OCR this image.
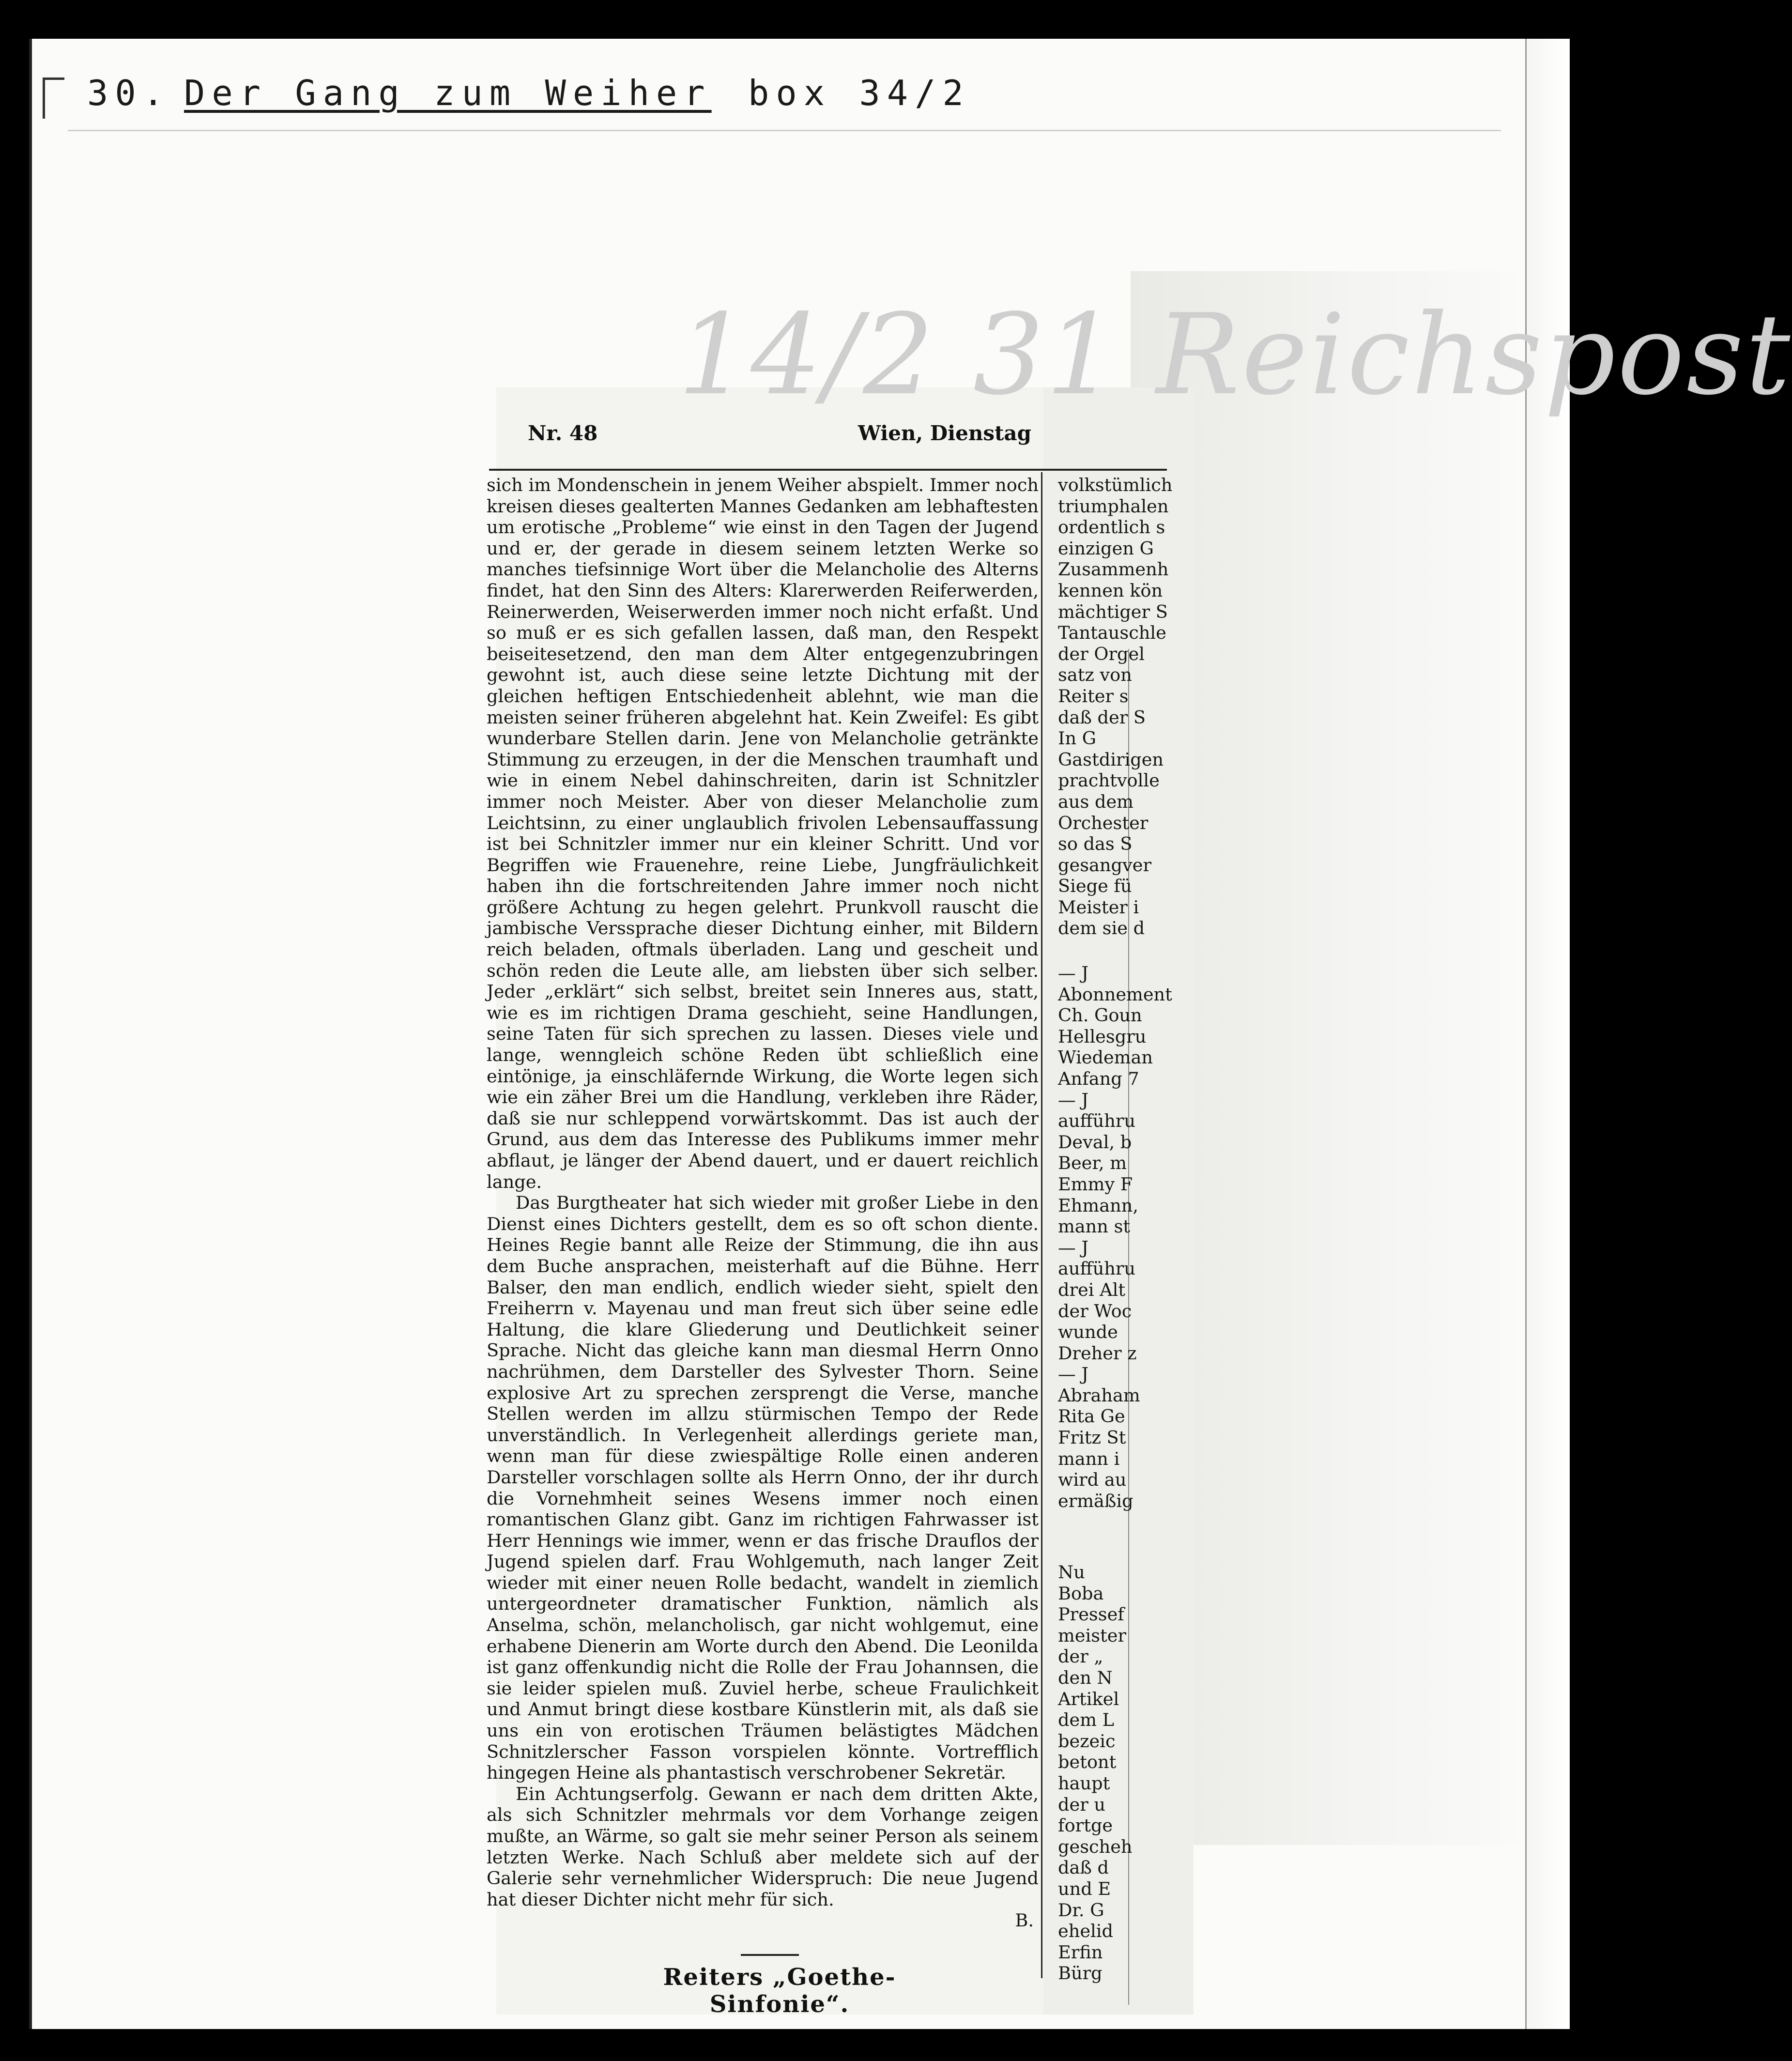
30. Der Gang zum Weiher box 34/2
14/2 31 Reichspost
Nr. 48	Wien, Dienstag

sich im Mondenschein in jenem Weiher abspielt. Immer noch kreisen dieses gealterten Mannes Gedanken am lebhaftesten um erotische „Probleme“ wie einst in den Tagen der Jugend und er, der gerade in diesem seinem letzten Werke so manches tiefsinnige Wort über die Melancholie des Alterns findet, hat den Sinn des Alters: Klarerwerden Reiferwerden, Reinerwerden, Weiserwerden immer noch nicht erfaßt. Und so muß er es sich gefallen lassen, daß man, den Respekt beiseitesetzend, den man dem Alter entgegenzubringen gewohnt ist, auch diese seine letzte Dichtung mit der gleichen heftigen Entschiedenheit ablehnt, wie man die meisten seiner früheren abgelehnt hat. Kein Zweifel: Es gibt wunderbare Stellen darin. Jene von Melancholie getränkte Stimmung zu erzeugen, in der die Menschen traumhaft und wie in einem Nebel dahinschreiten, darin ist Schnitzler immer noch Meister. Aber von dieser Melancholie zum Leichtsinn, zu einer unglaublich frivolen Lebensauffassung ist bei Schnitzler immer nur ein kleiner Schritt. Und vor Begriffen wie Frauenehre, reine Liebe, Jungfräulichkeit haben ihn die fortschreitenden Jahre immer noch nicht größere Achtung zu hegen gelehrt. Prunkvoll rauscht die jambische Verssprache dieser Dichtung einher, mit Bildern reich beladen, oftmals überladen. Lang und gescheit und schön reden die Leute alle, am liebsten über sich selber. Jeder „erklärt“ sich selbst, breitet sein Inneres aus, statt, wie es im richtigen Drama geschieht, seine Handlungen, seine Taten für sich sprechen zu lassen. Dieses viele und lange, wenngleich schöne Reden übt schließlich eine eintönige, ja einschläfernde Wirkung, die Worte legen sich wie ein zäher Brei um die Handlung, verkleben ihre Räder, daß sie nur schleppend vorwärtskommt. Das ist auch der Grund, aus dem das Interesse des Publikums immer mehr abflaut, je länger der Abend dauert, und er dauert reichlich lange.

Das Burgtheater hat sich wieder mit großer Liebe in den Dienst eines Dichters gestellt, dem es so oft schon diente. Heines Regie bannt alle Reize der Stimmung, die ihn aus dem Buche ansprachen, meisterhaft auf die Bühne. Herr Balser, den man endlich, endlich wieder sieht, spielt den Freiherrn v. Mayenau und man freut sich über seine edle Haltung, die klare Gliederung und Deutlichkeit seiner Sprache. Nicht das gleiche kann man diesmal Herrn Onno nachrühmen, dem Darsteller des Sylvester Thorn. Seine explosive Art zu sprechen zersprengt die Verse, manche Stellen werden im allzu stürmischen Tempo der Rede unverständlich. In Verlegenheit allerdings geriete man, wenn man für diese zwiespältige Rolle einen anderen Darsteller vorschlagen sollte als Herrn Onno, der ihr durch die Vornehmheit seines Wesens immer noch einen romantischen Glanz gibt. Ganz im richtigen Fahrwasser ist Herr Hennings wie immer, wenn er das frische Drauflos der Jugend spielen darf. Frau Wohlgemuth, nach langer Zeit wieder mit einer neuen Rolle bedacht, wandelt in ziemlich untergeordneter dramatischer Funktion, nämlich als Anselma, schön, melancholisch, gar nicht wohlgemut, eine erhabene Dienerin am Worte durch den Abend. Die Leonilda ist ganz offenkundig nicht die Rolle der Frau Johannsen, die sie leider spielen muß. Zuviel herbe, scheue Fraulichkeit und Anmut bringt diese kostbare Künstlerin mit, als daß sie uns ein von erotischen Träumen belästigtes Mädchen Schnitzlerscher Fasson vorspielen könnte. Vortrefflich hingegen Heine als phantastisch verschrobener Sekretär.

Ein Achtungserfolg. Gewann er nach dem dritten Akte, als sich Schnitzler mehrmals vor dem Vorhange zeigen mußte, an Wärme, so galt sie mehr seiner Person als seinem letzten Werke. Nach Schluß aber meldete sich auf der Galerie sehr vernehmlicher Widerspruch: Die neue Jugend hat dieser Dichter nicht mehr für sich.

B.

Reiters „Goethe-Sinfonie“.
volkstümlich
triumphalen
ordentlich s
einzigen G
Zusammenh
kennen kön
mächtiger S
Tantauschle
der Orgel
satz von
Reiter s
daß der S
In G
Gastdirigen
prachtvolle
aus dem
Orchester
so das S
gesangver
Siege fü
Meister i
dem sie d
— J
Abonnement
Ch. Goun
Hellesgru
Wiedeman
Anfang 7
— J
aufführu
Deval, b
Beer, m
Emmy F
Ehmann,
mann st
— J
aufführu
drei Alt
der Woc
wunde
Dreher z
— J
Abraham
Rita Ge
Fritz St
mann i
wird au
ermäßig
Nu
Boba
Pressef
meister
der „
den N
Artikel
dem L
bezeic
betont
haupt
der u
fortge
gescheh
daß d
und E
Dr. G
ehelid
Erfin
Bürg
